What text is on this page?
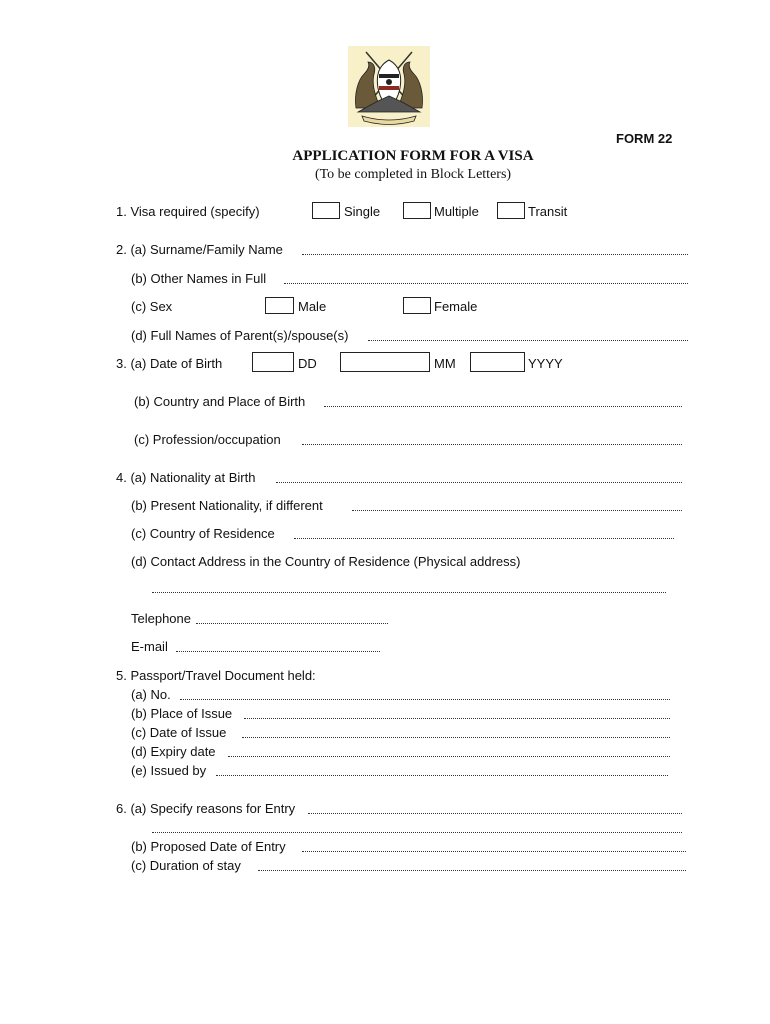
FORM 22
APPLICATION FORM FOR A VISA
(To be completed in Block Letters)
1. Visa required (specify)	Single	Multiple	Transit
2. (a) Surname/Family Name
(b) Other Names in Full
(c) Sex	Male	Female
(d) Full Names of Parent(s)/spouse(s)
3. (a) Date of Birth	DD	MM	YYYY
(b) Country and Place of Birth
(c) Profession/occupation
4. (a) Nationality at Birth
(b) Present Nationality, if different
(c) Country of Residence
(d) Contact Address in the Country of Residence (Physical address)
Telephone
E-mail
5. Passport/Travel Document held:
(a) No.
(b) Place of Issue
(c) Date of Issue
(d) Expiry date
(e) Issued by
6. (a) Specify reasons for Entry
(b) Proposed Date of Entry
(c) Duration of stay
